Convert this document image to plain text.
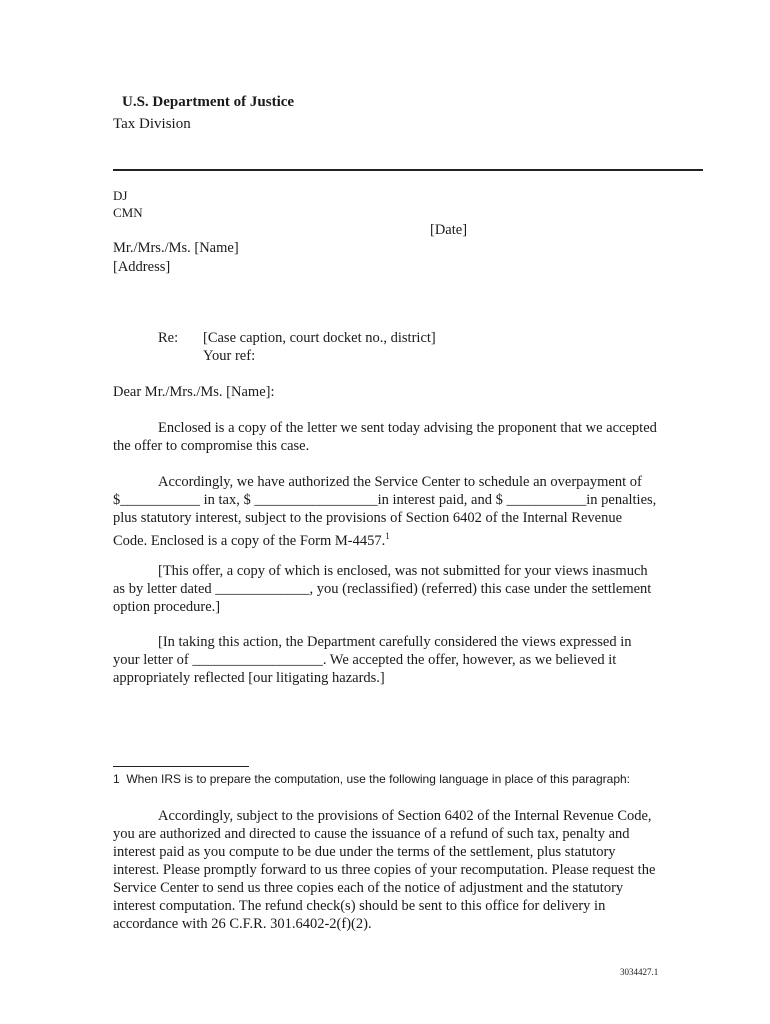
U.S. Department of Justice
Tax Division
DJ
CMN
[Date]
Mr./Mrs./Ms. [Name]
[Address]
Re: [Case caption, court docket no., district]
Your ref:
Dear Mr./Mrs./Ms. [Name]:
Enclosed is a copy of the letter we sent today advising the proponent that we accepted the offer to compromise this case.
Accordingly, we have authorized the Service Center to schedule an overpayment of $___________ in tax, $ _________________in interest paid, and $ ___________in penalties, plus statutory interest, subject to the provisions of Section 6402 of the Internal Revenue Code. Enclosed is a copy of the Form M-4457.$^1$
[This offer, a copy of which is enclosed, was not submitted for your views inasmuch as by letter dated _____________, you (reclassified) (referred) this case under the settlement option procedure.]
[In taking this action, the Department carefully considered the views expressed in your letter of __________________. We accepted the offer, however, as we believed it appropriately reflected [our litigating hazards.]
1 When IRS is to prepare the computation, use the following language in place of this paragraph:
Accordingly, subject to the provisions of Section 6402 of the Internal Revenue Code, you are authorized and directed to cause the issuance of a refund of such tax, penalty and interest paid as you compute to be due under the terms of the settlement, plus statutory interest. Please promptly forward to us three copies of your recomputation. Please request the Service Center to send us three copies each of the notice of adjustment and the statutory interest computation. The refund check(s) should be sent to this office for delivery in accordance with 26 C.F.R. 301.6402-2(f)(2).
3034427.1
